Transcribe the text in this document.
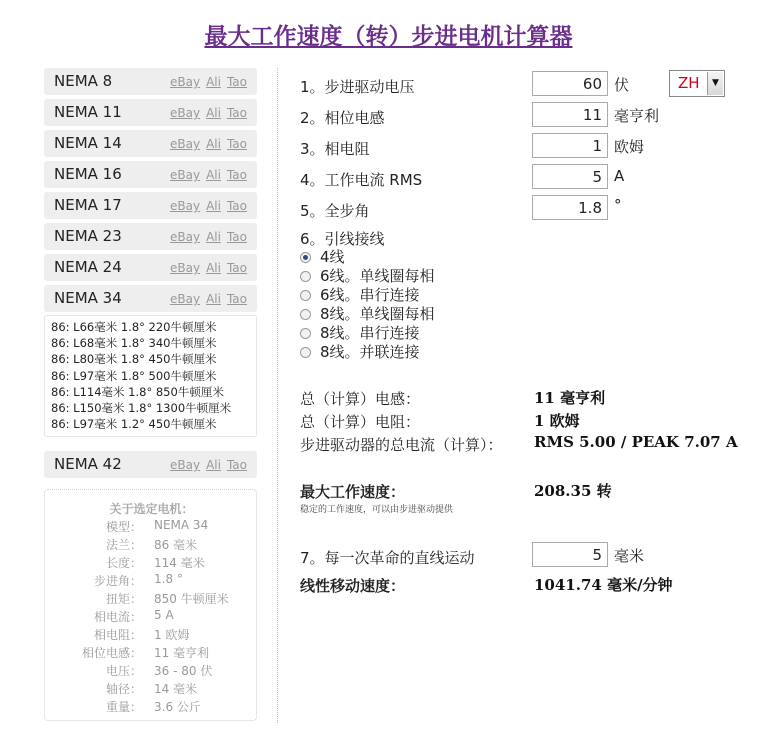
最大工作速度（转）步进电机计算器
NEMA 8	eBay Ali Tao
NEMA 11	eBay Ali Tao
NEMA 14	eBay Ali Tao
NEMA 16	eBay Ali Tao
NEMA 17	eBay Ali Tao
NEMA 23	eBay Ali Tao
NEMA 24	eBay Ali Tao
NEMA 34	eBay Ali Tao
86: L66毫米 1.8° 220牛顿厘米
86: L68毫米 1.8° 340牛顿厘米
86: L80毫米 1.8° 450牛顿厘米
86: L97毫米 1.8° 500牛顿厘米
86: L114毫米 1.8° 850牛顿厘米
86: L150毫米 1.8° 1300牛顿厘米
86: L97毫米 1.2° 450牛顿厘米
NEMA 42	eBay Ali Tao
关于选定电机：
模型： NEMA 34
法兰： 86 毫米
长度： 114 毫米
步进角： 1.8 °
扭矩： 850 牛顿厘米
相电流： 5 A
相电阻： 1 欧姆
相位电感： 11 毫亨利
电压： 36 - 80 伏
轴径： 14 毫米
重量： 3.6 公斤
1。步进驱动电压	60 伏	ZH	▼
2。相位电感	11 毫亨利
3。相电阻	1 欧姆
4。工作电流 RMS	5 A
5。全步角	1.8 °
6。引线接线
4线
6线。单线圈每相
6线。串行连接
8线。单线圈每相
8线。串行连接
8线。并联连接
总（计算）电感：	11 毫亨利
总（计算）电阻：	1 欧姆
步进驱动器的总电流（计算）： RMS 5.00 / PEAK 7.07 A
最大工作速度：	208.35 转
稳定的工作速度，可以由步进驱动提供
7。每一次革命的直线运动	5 毫米
线性移动速度：	1041.74 毫米/分钟
